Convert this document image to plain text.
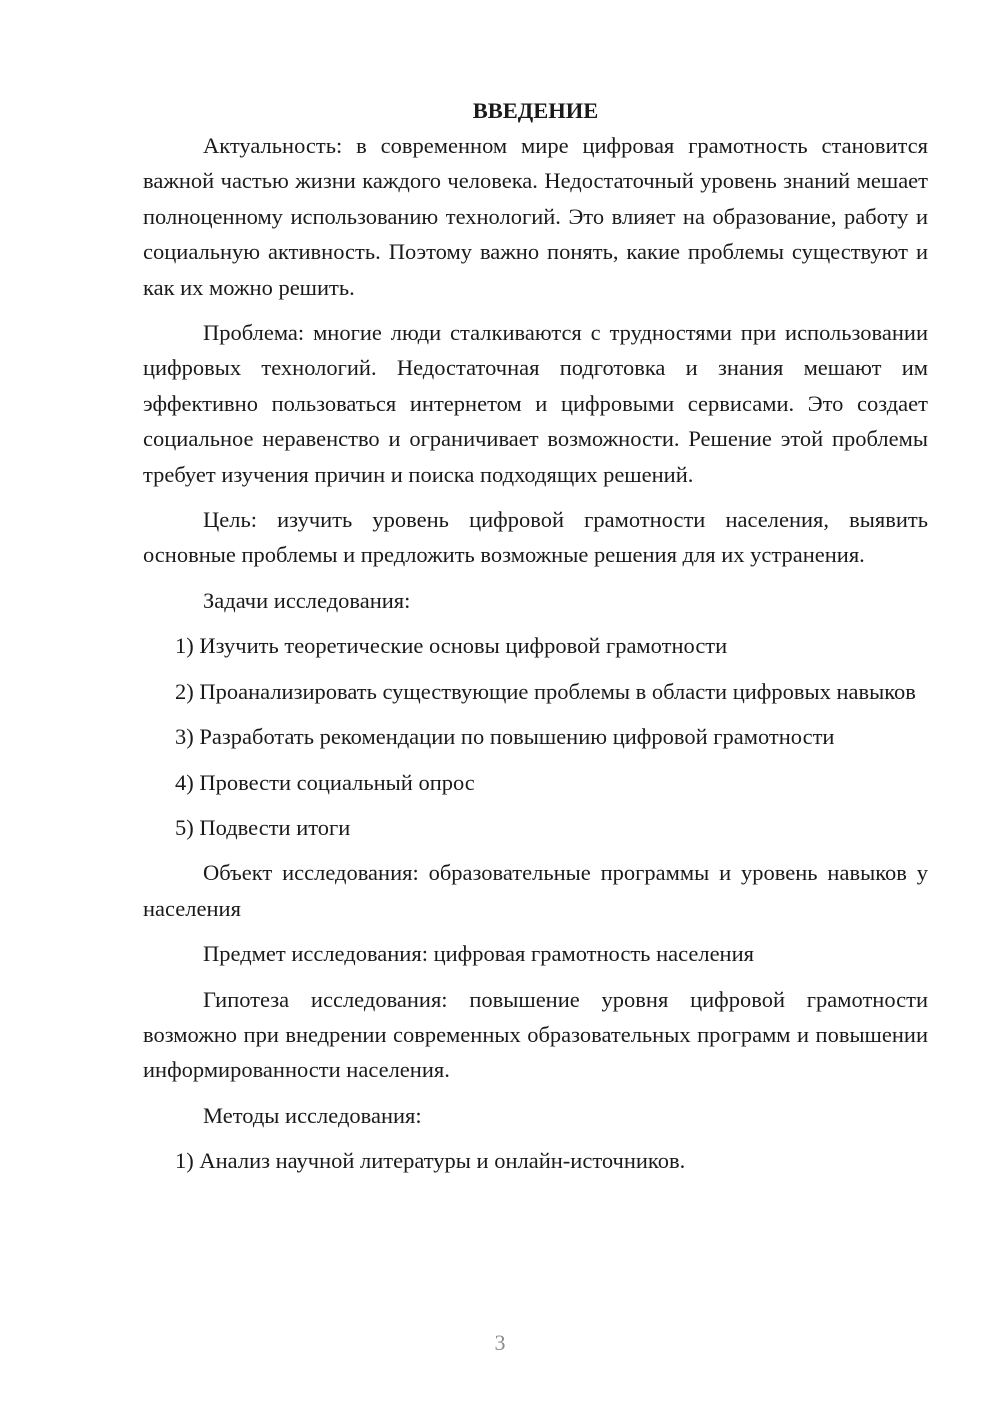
ВВЕДЕНИЕ

Актуальность: в современном мире цифровая грамотность становится важной частью жизни каждого человека. Недостаточный уровень знаний мешает полноценному использованию технологий. Это влияет на образование, работу и социальную активность. Поэтому важно понять, какие проблемы существуют и как их можно решить.

Проблема: многие люди сталкиваются с трудностями при использовании цифровых технологий. Недостаточная подготовка и знания мешают им эффективно пользоваться интернетом и цифровыми сервисами. Это создает социальное неравенство и ограничивает возможности. Решение этой проблемы требует изучения причин и поиска подходящих решений.

Цель: изучить уровень цифровой грамотности населения, выявить основные проблемы и предложить возможные решения для их устранения.

Задачи исследования:

1) Изучить теоретические основы цифровой грамотности

2) Проанализировать существующие проблемы в области цифровых навыков

3) Разработать рекомендации по повышению цифровой грамотности

4) Провести социальный опрос

5) Подвести итоги

Объект исследования: образовательные программы и уровень навыков у населения

Предмет исследования: цифровая грамотность населения

Гипотеза исследования: повышение уровня цифровой грамотности возможно при внедрении современных образовательных программ и повышении информированности населения.

Методы исследования:

1) Анализ научной литературы и онлайн-источников.

3
